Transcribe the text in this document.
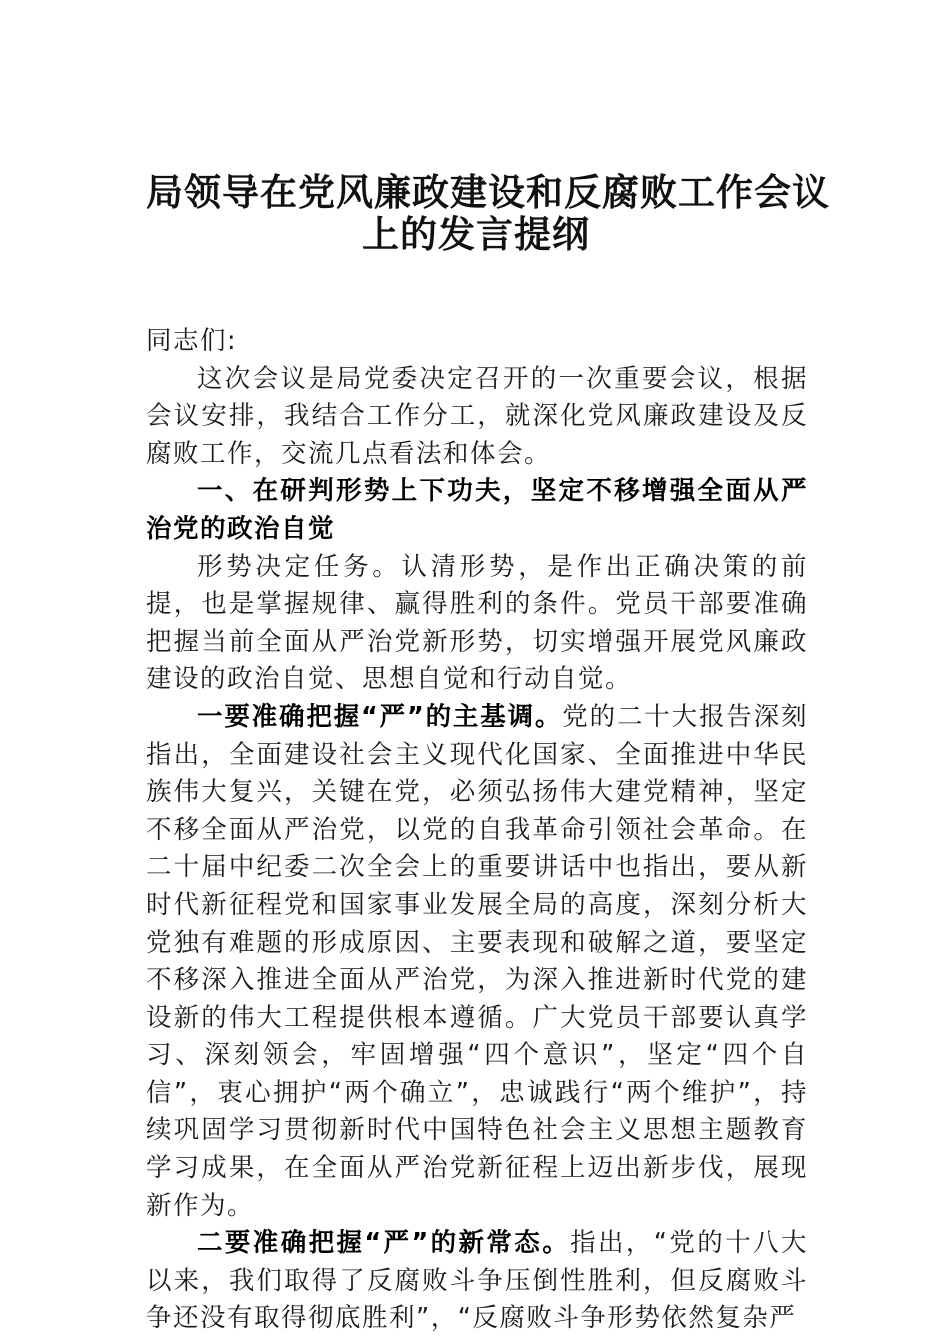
局领导在党风廉政建设和反腐败工作会议
上的发言提纲

同志们:

这次会议是局党委决定召开的一次重要会议，根据会议安排，我结合工作分工，就深化党风廉政建设及反腐败工作，交流几点看法和体会。

一、在研判形势上下功夫，坚定不移增强全面从严治党的政治自觉

形势决定任务。认清形势，是作出正确决策的前提，也是掌握规律、赢得胜利的条件。党员干部要准确把握当前全面从严治党新形势，切实增强开展党风廉政建设的政治自觉、思想自觉和行动自觉。

一要准确把握“严”的主基调。党的二十大报告深刻指出，全面建设社会主义现代化国家、全面推进中华民族伟大复兴，关键在党，必须弘扬伟大建党精神，坚定不移全面从严治党，以党的自我革命引领社会革命。在二十届中纪委二次全会上的重要讲话中也指出，要从新时代新征程党和国家事业发展全局的高度，深刻分析大党独有难题的形成原因、主要表现和破解之道，要坚定不移深入推进全面从严治党，为深入推进新时代党的建设新的伟大工程提供根本遵循。广大党员干部要认真学习、深刻领会，牢固增强“四个意识”，坚定“四个自信”，衷心拥护“两个确立”，忠诚践行“两个维护”，持续巩固学习贯彻新时代中国特色社会主义思想主题教育学习成果，在全面从严治党新征程上迈出新步伐，展现新作为。

二要准确把握“严”的新常态。指出，“党的十八大以来，我们取得了反腐败斗争压倒性胜利，但反腐败斗争还没有取得彻底胜利”，“反腐败斗争形势依然复杂严
